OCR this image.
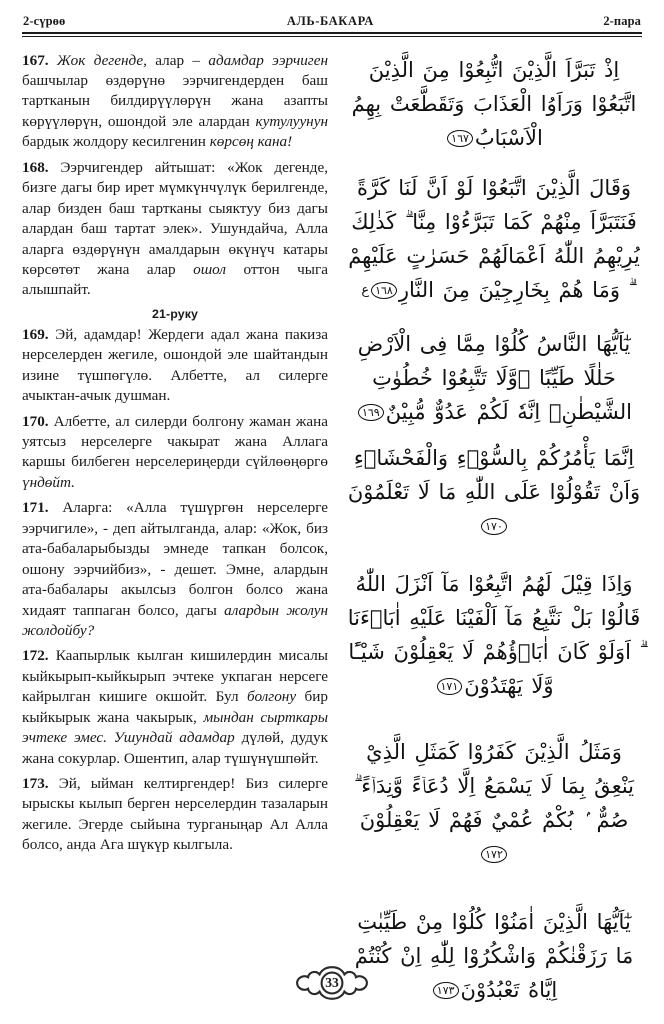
2-сүрөө	АЛЬ-БАКАРА	2-пара

167. Жок дегенде, алар – адамдар ээрчиген башчылар өздөрүнө ээрчигендерден баш тартканын билдирүүлөрүн жана азапты көрүүлөрүн, ошондой эле алардан кутулуунун бардык жолдору кесилгенин көрсөң кана!

168. Ээрчигендер айтышат: «Жок дегенде, бизге дагы бир ирет мүмкүнчүлүк берилгенде, алар бизден баш тартканы сыяктуу биз дагы алардан баш тартат элек». Ушундайча, Алла аларга өздөрүнүн амалдарын өкүнүч катары көрсөтөт жана алар ошол оттон чыга алышпайт.

21-руку

169. Эй, адамдар! Жердеги адал жана пакиза нерселерден жегиле, ошондой эле шайтандын изине түшпөгүлө. Албетте, ал силерге ачыктан-ачык душман.

170. Албетте, ал силерди болгону жаман жана уятсыз нерселерге чакырат жана Аллага каршы билбеген нерселериңерди сүйлөөңөргө үндөйт.

171. Аларга: «Алла түшүргөн нерселерге ээрчигиле», - деп айтылганда, алар: «Жок, биз ата-бабаларыбызды эмнеде тапкан болсок, ошону ээрчийбиз», - дешет. Эмне, алардын ата-бабалары акылсыз болгон болсо жана хидаят таппаган болсо, дагы алардын жолун жолдойбу?

172. Каапырлык кылган кишилердин мисалы кыйкырып-кыйкырып эчтеке укпаган нерсеге кайрылган кишиге окшойт. Бул болгону бир кыйкырык жана чакырык, мындан сырткары эчтеке эмес. Ушундай адамдар дүлөй, дудук жана сокурлар. Ошентип, алар түшүнүшпөйт.

173. Эй, ыйман келтиргендер! Биз силерге ырыскы кылып берген нерселердин тазаларын жегиле. Эгерде сыйына турганыңар Ал Алла болсо, анда Ага шүкүр кылгыла.

اِذْ تَبَرَّاَ الَّذِيْنَ اتُّبِعُوْا مِنَ الَّذِيْنَ اتَّبَعُوْا وَرَاَوُا الْعَذَابَ وَتَقَطَّعَتْ بِهِمُ الْاَسْبَابُ١٦٧
وَقَالَ الَّذِيْنَ اتَّبَعُوْا لَوْ اَنَّ لَنَا كَرَّةً فَنَتَبَرَّاَ مِنْهُمْ كَمَا تَبَرَّءُوْا مِنَّا ۗ كَذٰلِكَ يُرِيْهِمُ اللّٰهُ اَعْمَالَهُمْ حَسَرٰتٍ عَلَيْهِمْ ۗ وَمَا هُمْ بِخَارِجِيْنَ مِنَ النَّارِ١٦٨ع
يٰٓاَيُّهَا النَّاسُ كُلُوْا مِمَّا فِى الْاَرْضِ حَلٰلًا طَيِّبًا ۖوَّلَا تَتَّبِعُوْا خُطُوٰتِ الشَّيْطٰنِۗ اِنَّهٗ لَكُمْ عَدُوٌّ مُّبِيْنٌ١٦٩
اِنَّمَا يَأْمُرُكُمْ بِالسُّوْۤءِ وَالْفَحْشَاۤءِ وَاَنْ تَقُوْلُوْا عَلَى اللّٰهِ مَا لَا تَعْلَمُوْنَ١٧٠
وَاِذَا قِيْلَ لَهُمُ اتَّبِعُوْا مَآ اَنْزَلَ اللّٰهُ قَالُوْا بَلْ نَتَّبِعُ مَآ اَلْفَيْنَا عَلَيْهِ اٰبَاۤءَنَا ۗ اَوَلَوْ كَانَ اٰبَاۤؤُهُمْ لَا يَعْقِلُوْنَ شَيْـًٔا وَّلَا يَهْتَدُوْنَ١٧١
وَمَثَلُ الَّذِيْنَ كَفَرُوْا كَمَثَلِ الَّذِيْ يَنْعِقُ بِمَا لَا يَسْمَعُ اِلَّا دُعَاۤءً وَّنِدَاۤءً ۗ صُمٌّ ۢ بُكْمٌ عُمْيٌ فَهُمْ لَا يَعْقِلُوْنَ١٧٢
يٰٓاَيُّهَا الَّذِيْنَ اٰمَنُوْا كُلُوْا مِنْ طَيِّبٰتِ مَا رَزَقْنٰكُمْ وَاشْكُرُوْا لِلّٰهِ اِنْ كُنْتُمْ اِيَّاهُ تَعْبُدُوْنَ١٧٣
33
